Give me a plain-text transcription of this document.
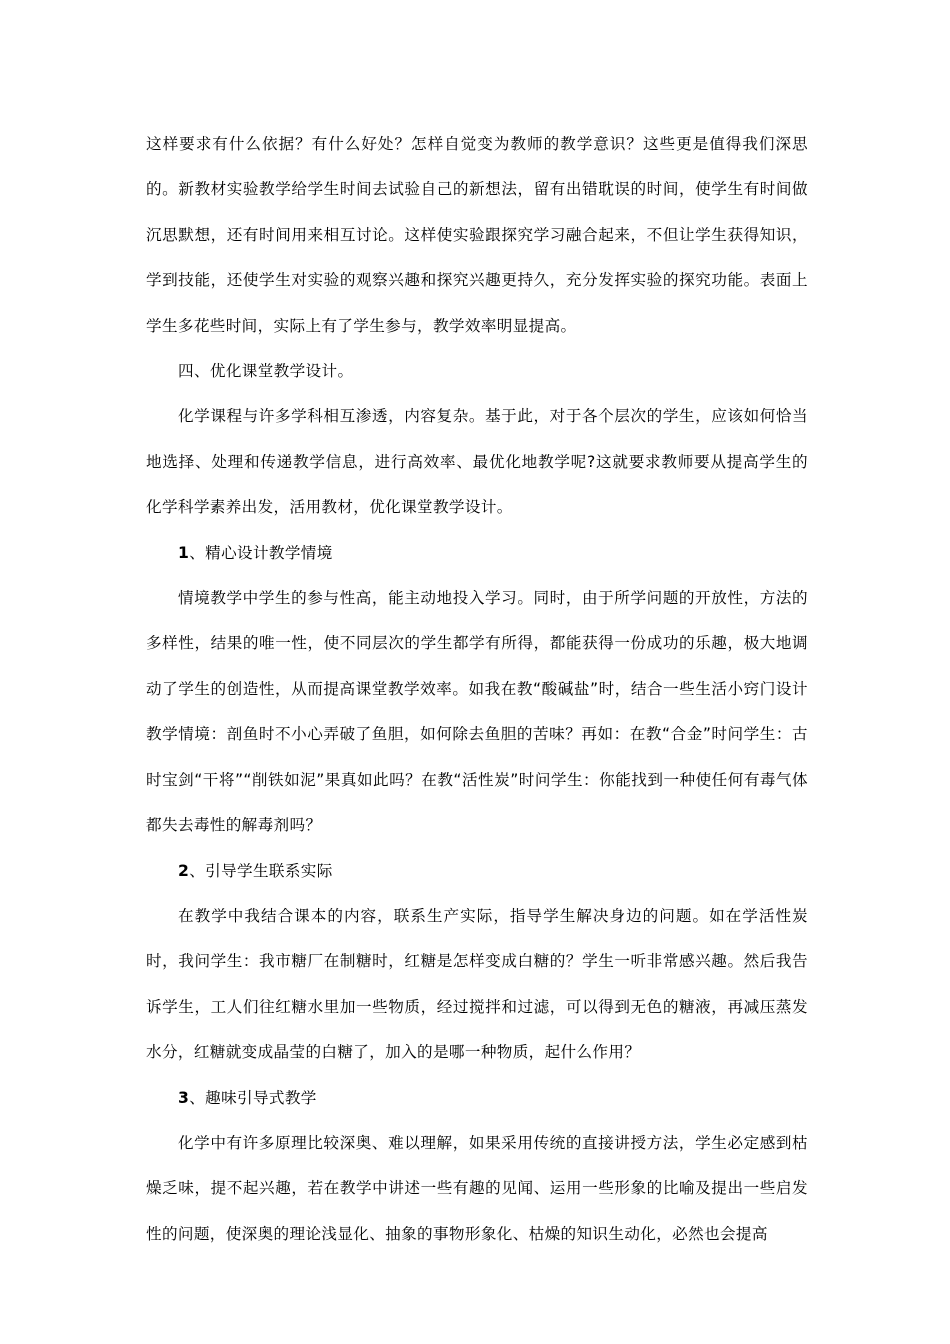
这样要求有什么依据？有什么好处？怎样自觉变为教师的教学意识？这些更是值得我们深思的。新教材实验教学给学生时间去试验自己的新想法，留有出错耽误的时间，使学生有时间做沉思默想，还有时间用来相互讨论。这样使实验跟探究学习融合起来，不但让学生获得知识，学到技能，还使学生对实验的观察兴趣和探究兴趣更持久，充分发挥实验的探究功能。表面上学生多花些时间，实际上有了学生参与，教学效率明显提高。

四、优化课堂教学设计。

化学课程与许多学科相互渗透，内容复杂。基于此，对于各个层次的学生，应该如何恰当地选择、处理和传递教学信息，进行高效率、最优化地教学呢?这就要求教师要从提高学生的化学科学素养出发，活用教材，优化课堂教学设计。

1、精心设计教学情境

情境教学中学生的参与性高，能主动地投入学习。同时，由于所学问题的开放性，方法的多样性，结果的唯一性，使不同层次的学生都学有所得，都能获得一份成功的乐趣，极大地调动了学生的创造性，从而提高课堂教学效率。如我在教“酸碱盐”时，结合一些生活小窍门设计教学情境：剖鱼时不小心弄破了鱼胆，如何除去鱼胆的苦味？再如：在教“合金”时问学生：古时宝剑“干将”“削铁如泥”果真如此吗？在教“活性炭”时问学生：你能找到一种使任何有毒气体都失去毒性的解毒剂吗？

2、引导学生联系实际

在教学中我结合课本的内容，联系生产实际，指导学生解决身边的问题。如在学活性炭时，我问学生：我市糖厂在制糖时，红糖是怎样变成白糖的？学生一听非常感兴趣。然后我告诉学生，工人们往红糖水里加一些物质，经过搅拌和过滤，可以得到无色的糖液，再减压蒸发水分，红糖就变成晶莹的白糖了，加入的是哪一种物质，起什么作用？

3、趣味引导式教学

化学中有许多原理比较深奥、难以理解，如果采用传统的直接讲授方法，学生必定感到枯燥乏味，提不起兴趣，若在教学中讲述一些有趣的见闻、运用一些形象的比喻及提出一些启发性的问题，使深奥的理论浅显化、抽象的事物形象化、枯燥的知识生动化，必然也会提高
